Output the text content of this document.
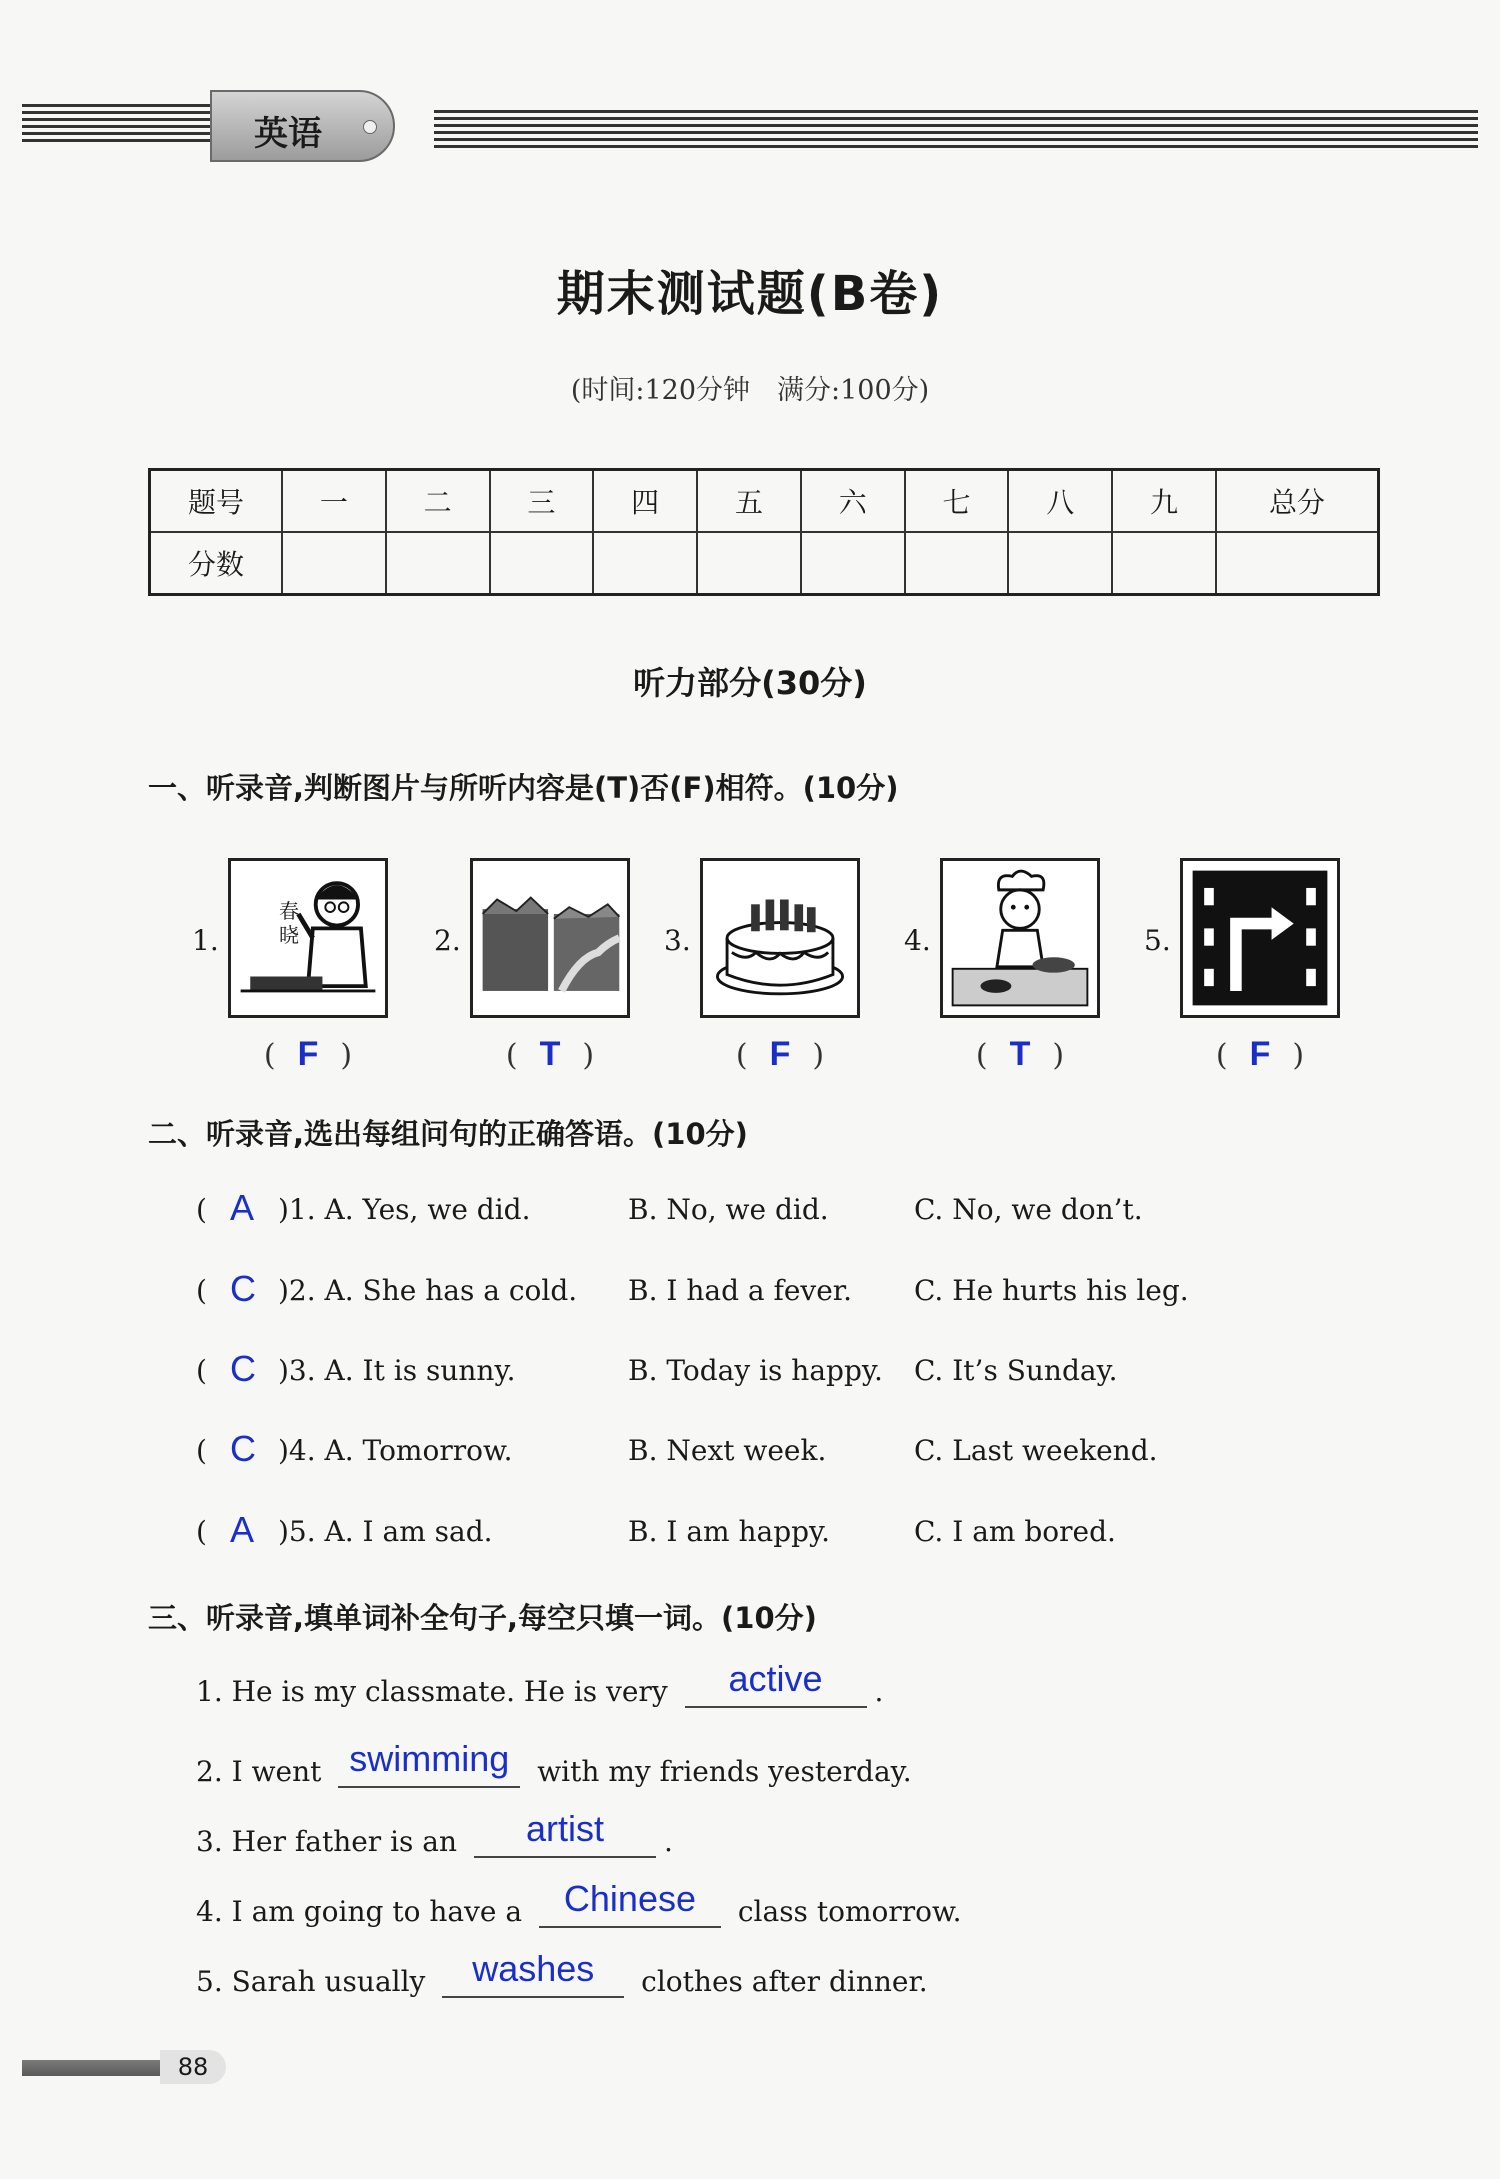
英语
期末测试题(B卷)
(时间:120分钟　满分:100分)
题号	一	二	三	四	五	六	七	八	九	总分
分数										
听力部分(30分)
一、听录音,判断图片与所听内容是(T)否(F)相符。(10分)
1.
春晓	2.	3.	4.	5.
( F )	( T )	( F )	( T )	( F )
二、听录音,选出每组问句的正确答语。(10分)
( A )1. A. Yes, we did.	B. No, we did.	C. No, we don’t.
( C )2. A. She has a cold. B. I had a fever. C. He hurts his leg.
( C )3. A. It is sunny.	B. Today is happy. C. It’s Sunday.
( C )4. A. Tomorrow.	B. Next week.	C. Last weekend.
( A )5. A. I am sad.	B. I am happy.	C. I am bored.
三、听录音,填单词补全句子,每空只填一词。(10分)
1. He is my classmate. He is very	active	.
2. I went swimming with my friends yesterday.
3. Her father is an	artist	.
4. I am going to have a	Chinese	class tomorrow.
5. Sarah usually	washes	clothes after dinner.
88
